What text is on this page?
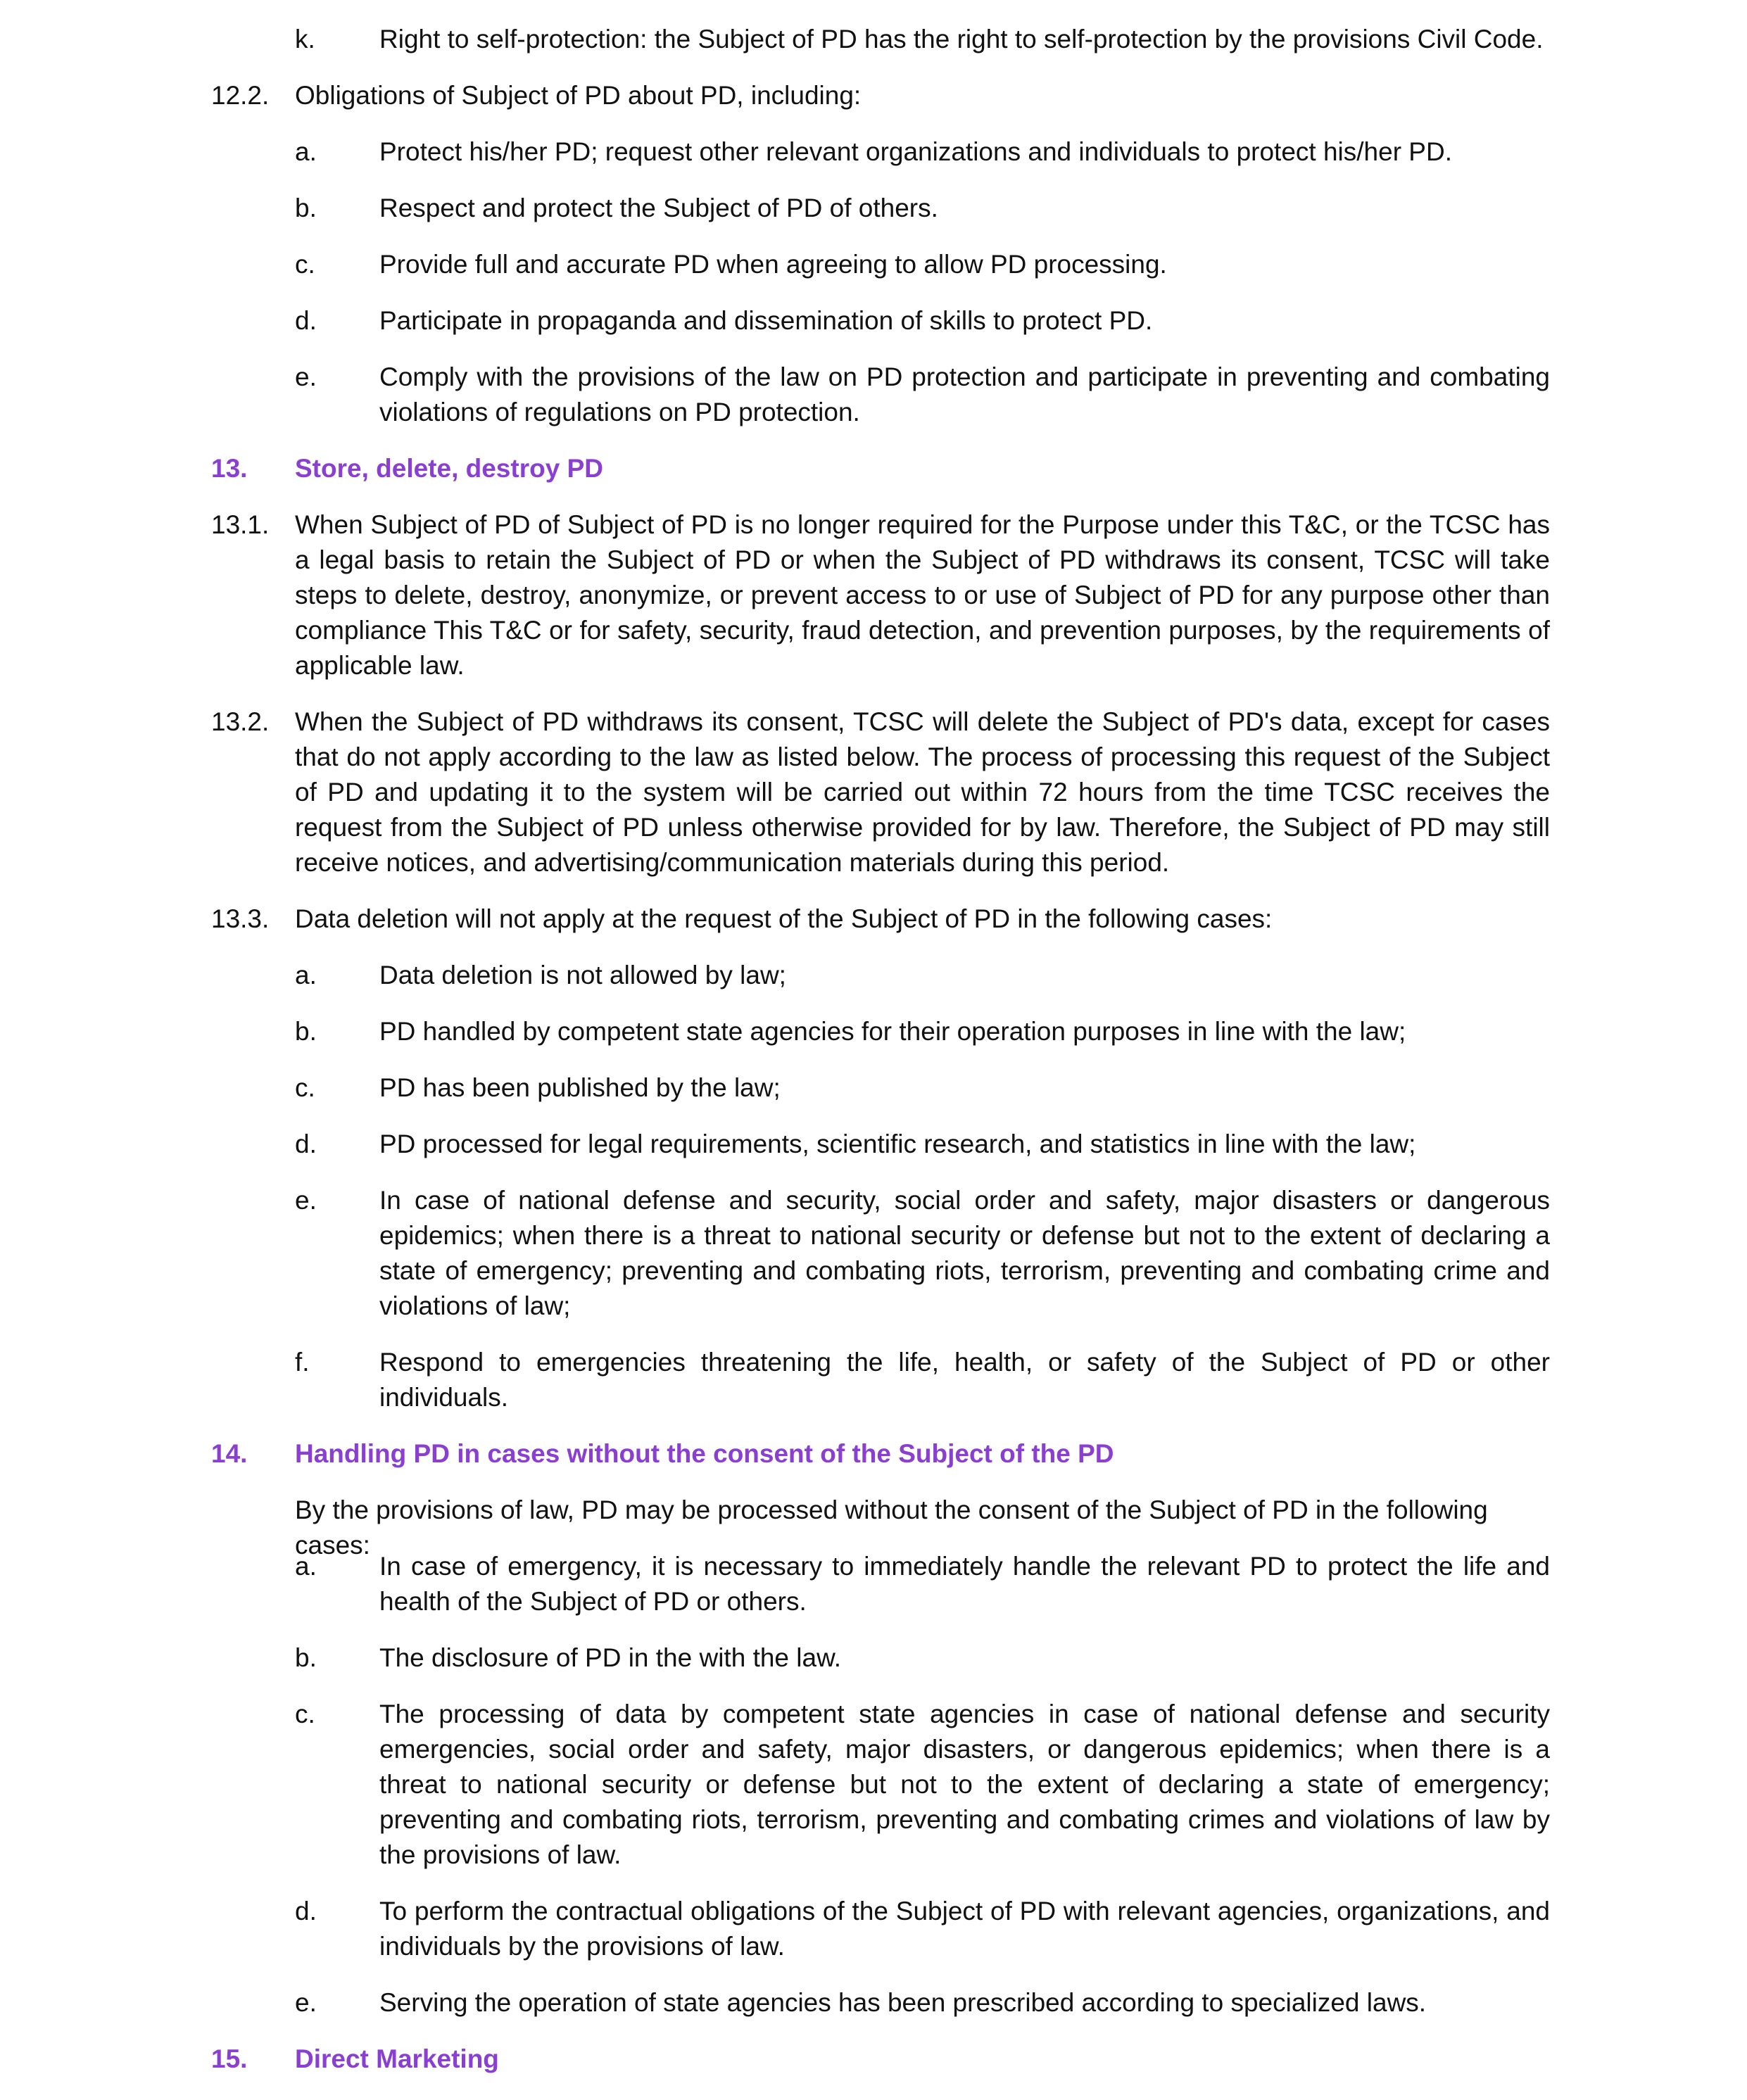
k. Right to self-protection: the Subject of PD has the right to self-protection by the provisions Civil Code.
12.2. Obligations of Subject of PD about PD, including:
a. Protect his/her PD; request other relevant organizations and individuals to protect his/her PD.
b. Respect and protect the Subject of PD of others.
c. Provide full and accurate PD when agreeing to allow PD processing.
d. Participate in propaganda and dissemination of skills to protect PD.
e. Comply with the provisions of the law on PD protection and participate in preventing and combating violations of regulations on PD protection.
13. Store, delete, destroy PD
13.1. When Subject of PD of Subject of PD is no longer required for the Purpose under this T&C, or the TCSC has a legal basis to retain the Subject of PD or when the Subject of PD withdraws its consent, TCSC will take steps to delete, destroy, anonymize, or prevent access to or use of Subject of PD for any purpose other than compliance This T&C or for safety, security, fraud detection, and prevention purposes, by the requirements of applicable law.
13.2. When the Subject of PD withdraws its consent, TCSC will delete the Subject of PD's data, except for cases that do not apply according to the law as listed below. The process of processing this request of the Subject of PD and updating it to the system will be carried out within 72 hours from the time TCSC receives the request from the Subject of PD unless otherwise provided for by law. Therefore, the Subject of PD may still receive notices, and advertising/communication materials during this period.
13.3. Data deletion will not apply at the request of the Subject of PD in the following cases:
a. Data deletion is not allowed by law;
b. PD handled by competent state agencies for their operation purposes in line with the law;
c. PD has been published by the law;
d. PD processed for legal requirements, scientific research, and statistics in line with the law;
e. In case of national defense and security, social order and safety, major disasters or dangerous epidemics; when there is a threat to national security or defense but not to the extent of declaring a state of emergency; preventing and combating riots, terrorism, preventing and combating crime and violations of law;
f.	Respond to emergencies threatening the life, health, or safety of the Subject of PD or other individuals.
14. Handling PD in cases without the consent of the Subject of the PD
By the provisions of law, PD may be processed without the consent of the Subject of PD in the following cases:
a. In case of emergency, it is necessary to immediately handle the relevant PD to protect the life and health of the Subject of PD or others.
b. The disclosure of PD in the with the law.
c. The processing of data by competent state agencies in case of national defense and security emergencies, social order and safety, major disasters, or dangerous epidemics; when there is a threat to national security or defense but not to the extent of declaring a state of emergency; preventing and combating riots, terrorism, preventing and combating crimes and violations of law by the provisions of law.
d. To perform the contractual obligations of the Subject of PD with relevant agencies, organizations, and individuals by the provisions of law.
e. Serving the operation of state agencies has been prescribed according to specialized laws.
15. Direct Marketing
